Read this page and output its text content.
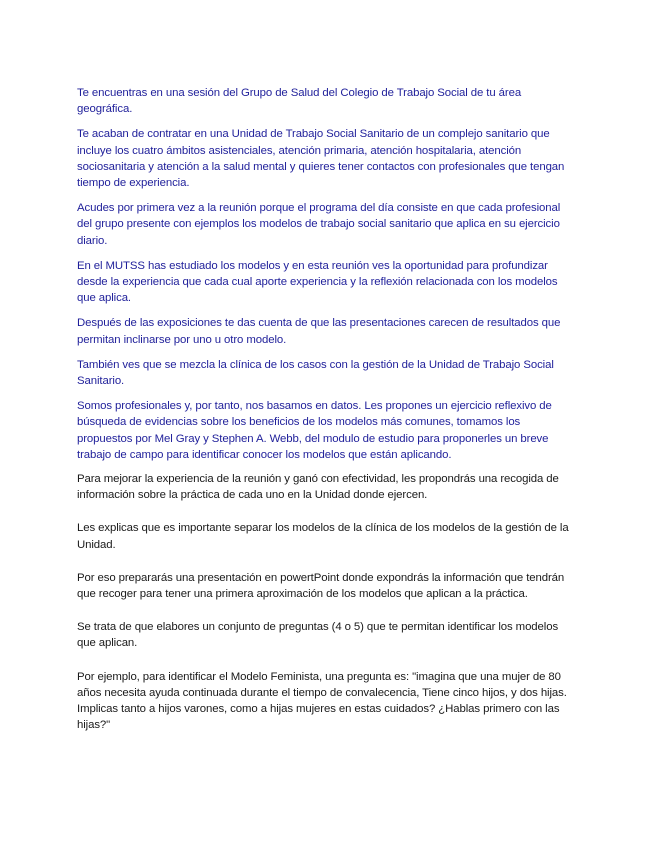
Te encuentras en una sesión del Grupo de Salud del Colegio de Trabajo Social de tu área geográfica.

Te acaban de contratar en una Unidad de Trabajo Social Sanitario de un complejo sanitario que incluye los cuatro ámbitos asistenciales, atención primaria, atención hospitalaria, atención sociosanitaria y atención a la salud mental y quieres tener contactos con profesionales que tengan tiempo de experiencia.

Acudes por primera vez a la reunión porque el programa del día consiste en que cada profesional del grupo presente con ejemplos los modelos de trabajo social sanitario que aplica en su ejercicio diario.

En el MUTSS has estudiado los modelos y en esta reunión ves la oportunidad para profundizar desde la experiencia que cada cual aporte experiencia y la reflexión relacionada con los modelos que aplica.

Después de las exposiciones te das cuenta de que las presentaciones carecen de resultados que permitan inclinarse por uno u otro modelo.

También ves que se mezcla la clínica de los casos con la gestión de la Unidad de Trabajo Social Sanitario.

Somos profesionales y, por tanto, nos basamos en datos. Les propones un ejercicio reflexivo de búsqueda de evidencias sobre los beneficios de los modelos más comunes, tomamos los propuestos por Mel Gray y Stephen A. Webb, del modulo de estudio para proponerles un breve trabajo de campo para identificar conocer los modelos que están aplicando.

Para mejorar la experiencia de la reunión y ganó con efectividad, les propondrás una recogida de información sobre la práctica de cada uno en la Unidad donde ejercen.

Les explicas que es importante separar los modelos de la clínica de los modelos de la gestión de la Unidad.

Por eso prepararás una presentación en powertPoint donde expondrás la información que tendrán que recoger para tener una primera aproximación de los modelos que aplican a la práctica.

Se trata de que elabores un conjunto de preguntas (4 o 5) que te permitan identificar los modelos que aplican.

Por ejemplo, para identificar el Modelo Feminista, una pregunta es: "imagina que una mujer de 80 años necesita ayuda continuada durante el tiempo de convalecencia, Tiene cinco hijos, y dos hijas. Implicas tanto a hijos varones, como a hijas mujeres en estas cuidados? ¿Hablas primero con las hijas?"
